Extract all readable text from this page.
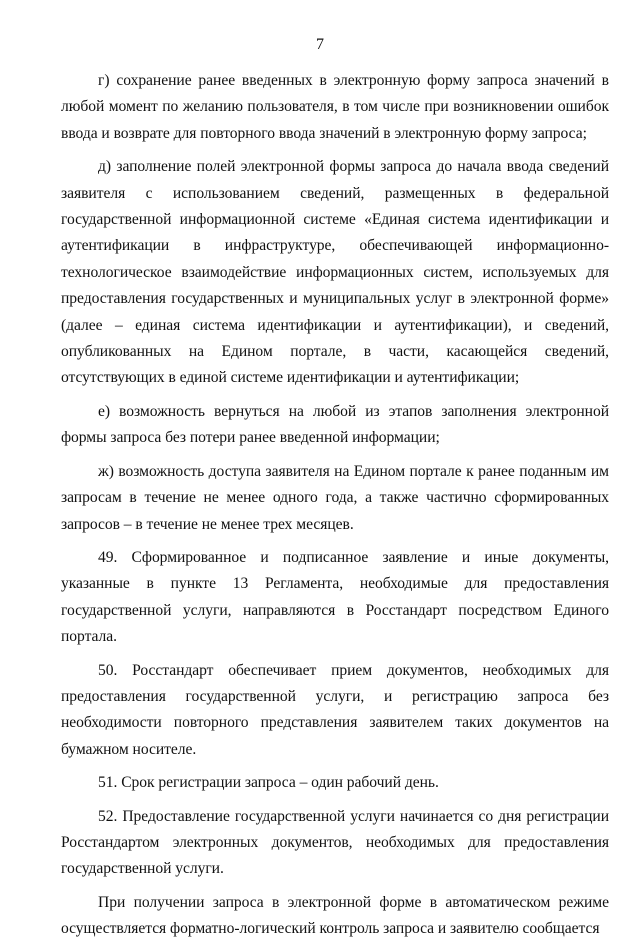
7

г) сохранение ранее введенных в электронную форму запроса значений в любой момент по желанию пользователя, в том числе при возникновении ошибок ввода и возврате для повторного ввода значений в электронную форму запроса;

д) заполнение полей электронной формы запроса до начала ввода сведений заявителя с использованием сведений, размещенных в федеральной государственной информационной системе «Единая система идентификации и аутентификации в инфраструктуре, обеспечивающей информационно-технологическое взаимодействие информационных систем, используемых для предоставления государственных и муниципальных услуг в электронной форме» (далее – единая система идентификации и аутентификации), и сведений, опубликованных на Едином портале, в части, касающейся сведений, отсутствующих в единой системе идентификации и аутентификации;

е) возможность вернуться на любой из этапов заполнения электронной формы запроса без потери ранее введенной информации;

ж) возможность доступа заявителя на Едином портале к ранее поданным им запросам в течение не менее одного года, а также частично сформированных запросов – в течение не менее трех месяцев.

49. Сформированное и подписанное заявление и иные документы, указанные в пункте 13 Регламента, необходимые для предоставления государственной услуги, направляются в Росстандарт посредством Единого портала.

50. Росстандарт обеспечивает прием документов, необходимых для предоставления государственной услуги, и регистрацию запроса без необходимости повторного представления заявителем таких документов на бумажном носителе.

51. Срок регистрации запроса – один рабочий день.

52. Предоставление государственной услуги начинается со дня регистрации Росстандартом электронных документов, необходимых для предоставления государственной услуги.

При получении запроса в электронной форме в автоматическом режиме осуществляется форматно-логический контроль запроса и заявителю сообщается
